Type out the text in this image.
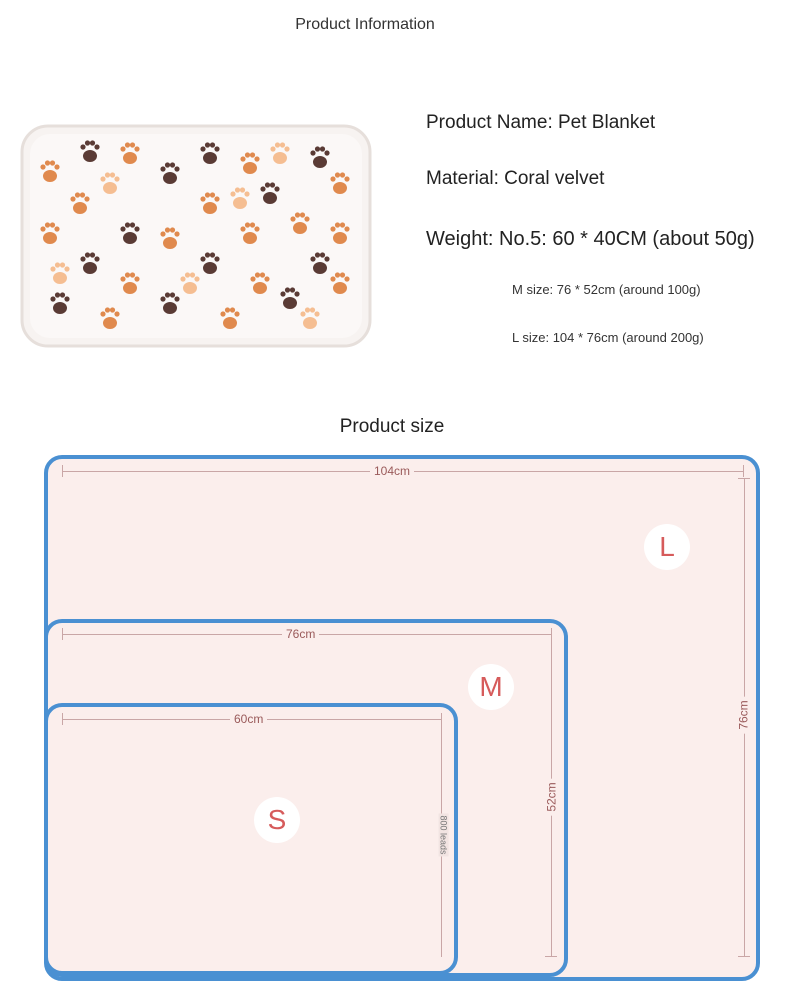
Product Information
Product Name: Pet Blanket
Material: Coral velvet
Weight: No.5: 60 * 40CM (about 50g)
M size: 76 * 52cm (around 100g)
L size: 104 * 76cm (around 200g)
Product size
104cm
76cm
L
76cm
52cm
M
60cm
800 leads
S
